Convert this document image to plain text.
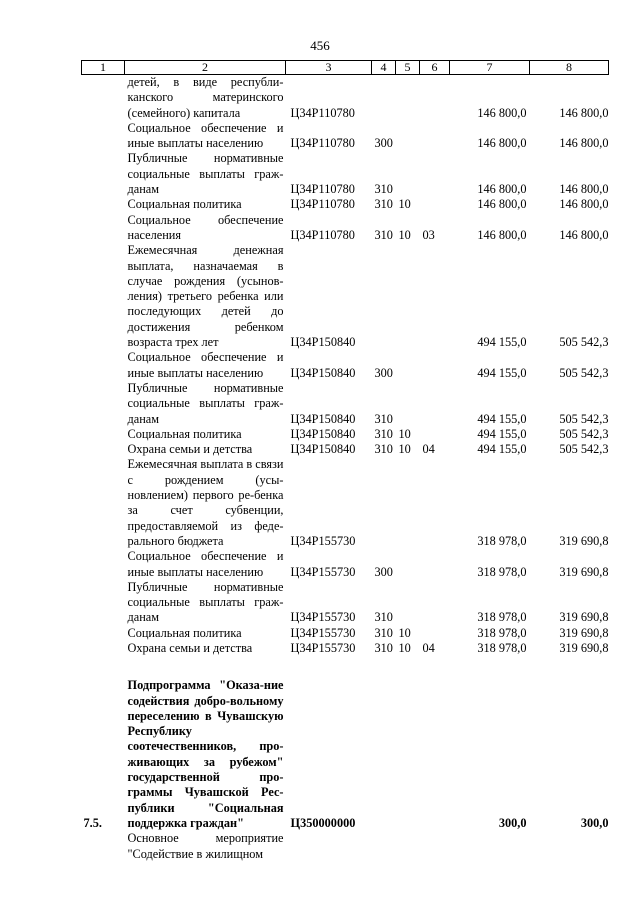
456
1	2	3	4	5	6	7	8
	детей, в виде республи-канского материнского (семейного) капитала	Ц34Р110780				146 800,0	146 800,0
	Социальное обеспечение и иные выплаты населению	Ц34Р110780	300			146 800,0	146 800,0
	Публичные нормативные социальные выплаты граж-данам	Ц34Р110780	310			146 800,0	146 800,0
	Социальная политика	Ц34Р110780	310	10		146 800,0	146 800,0
	Социальное обеспечение населения	Ц34Р110780	310	10	03	146 800,0	146 800,0
	Ежемесячная денежная выплата, назначаемая в случае рождения (усынов-ления) третьего ребенка или последующих детей до достижения ребенком возраста трех лет	Ц34Р150840				494 155,0	505 542,3
	Социальное обеспечение и иные выплаты населению	Ц34Р150840	300			494 155,0	505 542,3
	Публичные нормативные социальные выплаты граж-данам	Ц34Р150840	310			494 155,0	505 542,3
	Социальная политика	Ц34Р150840	310	10		494 155,0	505 542,3
	Охрана семьи и детства	Ц34Р150840	310	10	04	494 155,0	505 542,3
	Ежемесячная выплата в связи с рождением (усы-новлением) первого ре-бенка за счет субвенции, предоставляемой из феде-рального бюджета	Ц34Р155730				318 978,0	319 690,8
	Социальное обеспечение и иные выплаты населению	Ц34Р155730	300			318 978,0	319 690,8
	Публичные нормативные социальные выплаты граж-данам	Ц34Р155730	310			318 978,0	319 690,8
	Социальная политика	Ц34Р155730	310	10		318 978,0	319 690,8
	Охрана семьи и детства	Ц34Р155730	310	10	04	318 978,0	319 690,8

7.5.	Подпрограмма "Оказа-ние содействия добро-вольному переселению в Чувашскую Республику соотечественников, про-живающих за рубежом" государственной про-граммы Чувашской Рес-публики "Социальная поддержка граждан"	Ц350000000				300,0	300,0
	Основное мероприятие "Содействие в жилищном						
